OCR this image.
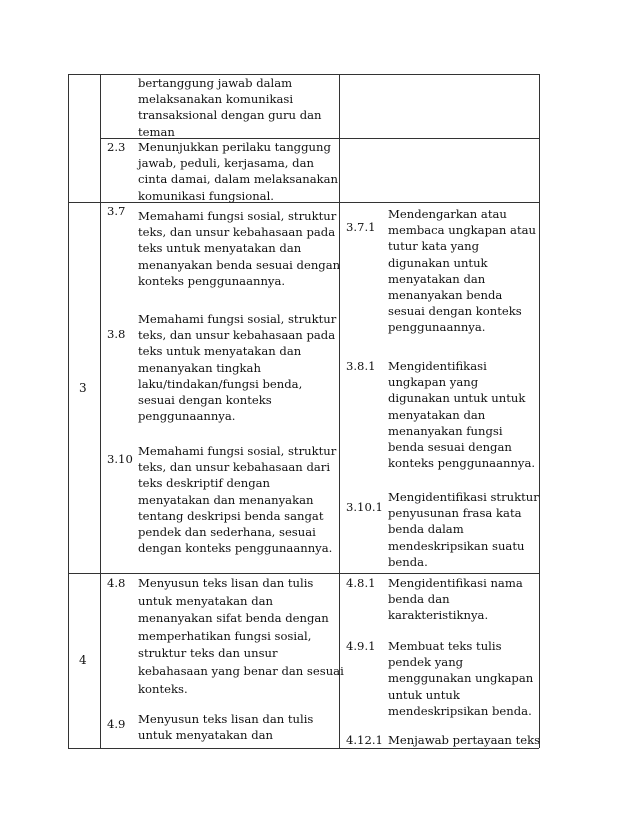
bertanggung jawab dalam
melaksanakan komunikasi
transaksional dengan guru dan
teman
2.3 Menunjukkan perilaku tanggung
jawab, peduli, kerjasama, dan
cinta damai, dalam melaksanakan
komunikasi fungsional.
3
3.7 Memahami fungsi sosial, struktur
teks, dan unsur kebahasaan pada
teks untuk menyatakan dan
menanyakan benda sesuai dengan
konteks penggunaannya.
3.8
Memahami fungsi sosial, struktur
teks, dan unsur kebahasaan pada
teks untuk menyatakan dan
menanyakan tingkah
laku/tindakan/fungsi benda,
sesuai dengan konteks
penggunaannya.
3.10
Memahami fungsi sosial, struktur
teks, dan unsur kebahasaan dari
teks deskriptif dengan
menyatakan dan menanyakan
tentang deskripsi benda sangat
pendek dan sederhana, sesuai
dengan konteks penggunaannya.
3.7.1
Mendengarkan atau
membaca ungkapan atau
tutur kata yang
digunakan untuk
menyatakan dan
menanyakan benda
sesuai dengan konteks
penggunaannya.
3.8.1 Mengidentifikasi
ungkapan yang
digunakan untuk untuk
menyatakan dan
menanyakan fungsi
benda sesuai dengan
konteks penggunaannya.
3.10.1
Mengidentifikasi struktur
penyusunan frasa kata
benda dalam
mendeskripsikan suatu
benda.
4
4.8 Menyusun teks lisan dan tulis
untuk menyatakan dan
menanyakan sifat benda dengan
memperhatikan fungsi sosial,
struktur teks dan unsur
kebahasaan yang benar dan sesuai
konteks.
4.9 Menyusun teks lisan dan tulis
untuk menyatakan dan
4.8.1 Mengidentifikasi nama
benda dan
karakteristiknya.
4.9.1 Membuat teks tulis
pendek yang
menggunakan ungkapan
untuk untuk
mendeskripsikan benda.
4.12.1 Menjawab pertayaan teks
